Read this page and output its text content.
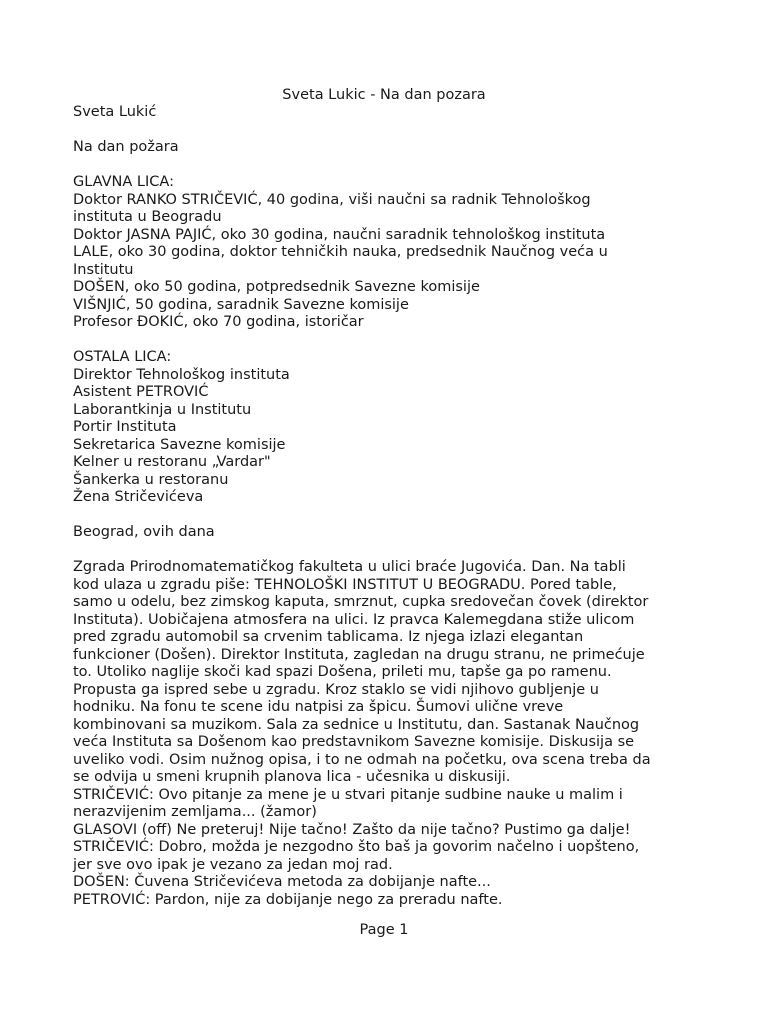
Sveta Lukic - Na dan pozara
Sveta Lukić
Na dan požara
GLAVNA LICA:
Doktor RANKO STRIČEVIĆ, 40 godina, viši naučni sa radnik Tehnološkog
instituta u Beogradu
Doktor JASNA PAJIĆ, oko 30 godina, naučni saradnik tehnološkog instituta
LALE, oko 30 godina, doktor tehničkih nauka, predsednik Naučnog veća u
Institutu
DOŠEN, oko 50 godina, potpredsednik Savezne komisije
VIŠNJIĆ, 50 godina, saradnik Savezne komisije
Profesor ĐOKIĆ, oko 70 godina, istoričar
OSTALA LICA:
Direktor Tehnološkog instituta
Asistent PETROVIĆ
Laborantkinja u Institutu
Portir Instituta
Sekretarica Savezne komisije
Kelner u restoranu „Vardar"
Šankerka u restoranu
Žena Stričevićeva
Beograd, ovih dana
Zgrada Prirodnomatematičkog fakulteta u ulici braće Jugovića. Dan. Na tabli
kod ulaza u zgradu piše: TEHNOLOŠKI INSTITUT U BEOGRADU. Pored table,
samo u odelu, bez zimskog kaputa, smrznut, cupka sredovečan čovek (direktor
Instituta). Uobičajena atmosfera na ulici. Iz pravca Kalemegdana stiže ulicom
pred zgradu automobil sa crvenim tablicama. Iz njega izlazi elegantan
funkcioner (Došen). Direktor Instituta, zagledan na drugu stranu, ne primećuje
to. Utoliko naglije skoči kad spazi Došena, prileti mu, tapše ga po ramenu.
Propusta ga ispred sebe u zgradu. Kroz staklo se vidi njihovo gubljenje u
hodniku. Na fonu te scene idu natpisi za špicu. Šumovi ulične vreve
kombinovani sa muzikom. Sala za sednice u Institutu, dan. Sastanak Naučnog
veća Instituta sa Došenom kao predstavnikom Savezne komisije. Diskusija se
uveliko vodi. Osim nužnog opisa, i to ne odmah na početku, ova scena treba da
se odvija u smeni krupnih planova lica - učesnika u diskusiji.
STRIČEVIĆ: Ovo pitanje za mene je u stvari pitanje sudbine nauke u malim i
nerazvijenim zemljama... (žamor)
GLASOVI (off) Ne preteruj! Nije tačno! Zašto da nije tačno? Pustimo ga dalje!
STRIČEVIĆ: Dobro, možda je nezgodno što baš ja govorim načelno i uopšteno,
jer sve ovo ipak je vezano za jedan moj rad.
DOŠEN: Čuvena Stričevićeva metoda za dobijanje nafte...
PETROVIĆ: Pardon, nije za dobijanje nego za preradu nafte.
Page 1
